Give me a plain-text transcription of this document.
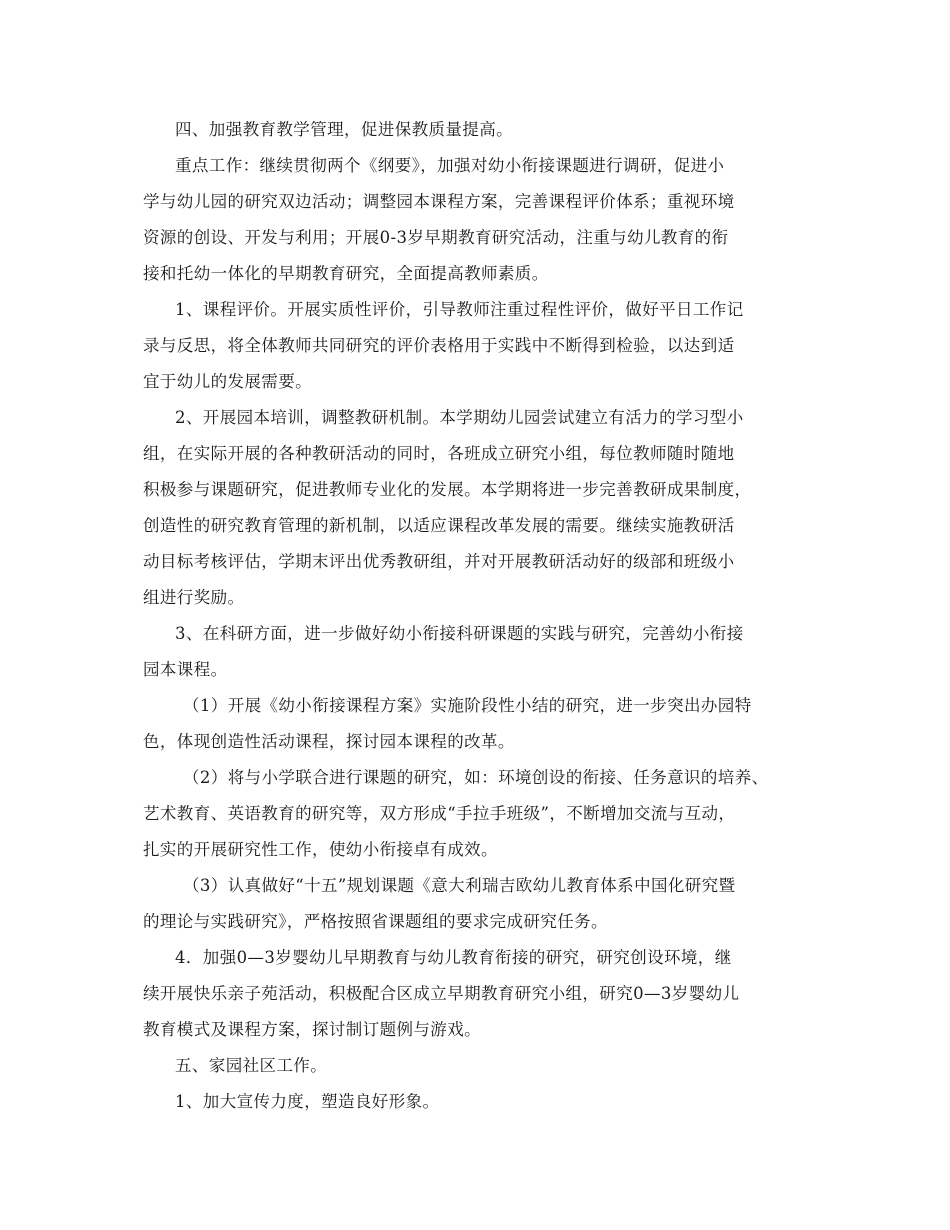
四、加强教育教学管理，促进保教质量提高。
重点工作：继续贯彻两个《纲要》，加强对幼小衔接课题进行调研，促进小
学与幼儿园的研究双边活动；调整园本课程方案，完善课程评价体系；重视环境
资源的创设、开发与利用；开展0-3岁早期教育研究活动，注重与幼儿教育的衔
接和托幼一体化的早期教育研究，全面提高教师素质。
1、课程评价。开展实质性评价，引导教师注重过程性评价，做好平日工作记
录与反思，将全体教师共同研究的评价表格用于实践中不断得到检验，以达到适
宜于幼儿的发展需要。
2、开展园本培训，调整教研机制。本学期幼儿园尝试建立有活力的学习型小
组，在实际开展的各种教研活动的同时，各班成立研究小组，每位教师随时随地
积极参与课题研究，促进教师专业化的发展。本学期将进一步完善教研成果制度，
创造性的研究教育管理的新机制，以适应课程改革发展的需要。继续实施教研活
动目标考核评估，学期末评出优秀教研组，并对开展教研活动好的级部和班级小
组进行奖励。
3、在科研方面，进一步做好幼小衔接科研课题的实践与研究，完善幼小衔接
园本课程。
（1）开展《幼小衔接课程方案》实施阶段性小结的研究，进一步突出办园特
色，体现创造性活动课程，探讨园本课程的改革。
（2）将与小学联合进行课题的研究，如：环境创设的衔接、任务意识的培养、
艺术教育、英语教育的研究等，双方形成“手拉手班级”，不断增加交流与互动，
扎实的开展研究性工作，使幼小衔接卓有成效。
（3）认真做好“十五”规划课题《意大利瑞吉欧幼儿教育体系中国化研究暨
的理论与实践研究》，严格按照省课题组的要求完成研究任务。
4．加强0—3岁婴幼儿早期教育与幼儿教育衔接的研究，研究创设环境，继
续开展快乐亲子苑活动，积极配合区成立早期教育研究小组，研究0—3岁婴幼儿
教育模式及课程方案，探讨制订题例与游戏。
五、家园社区工作。
1、加大宣传力度，塑造良好形象。
